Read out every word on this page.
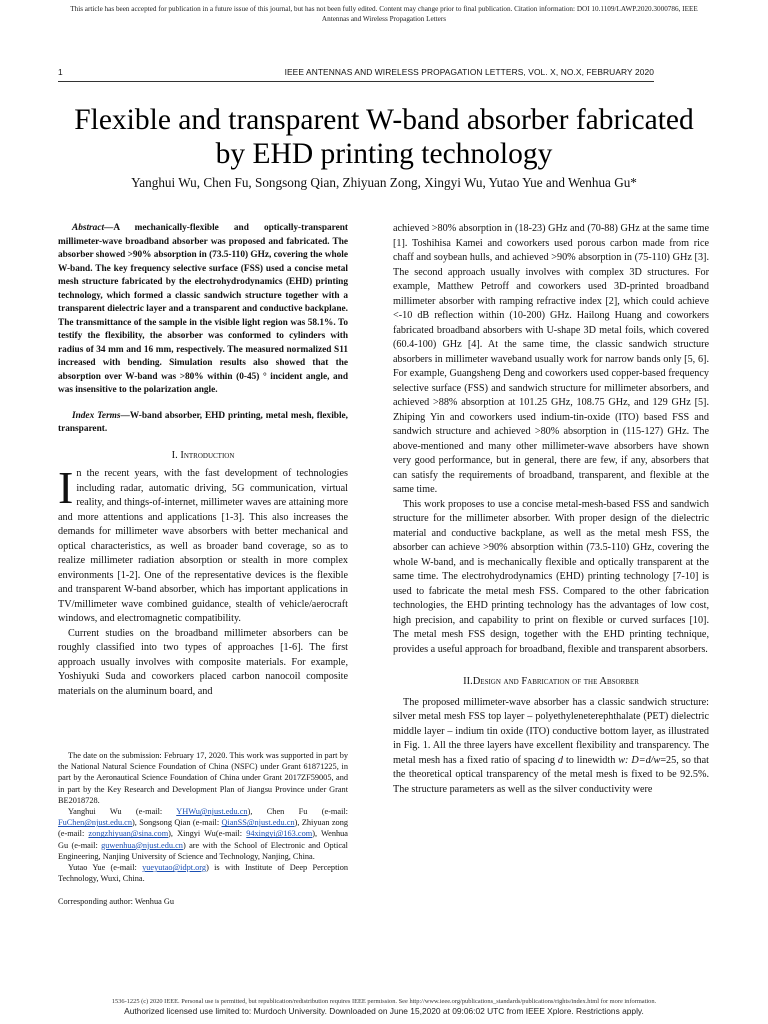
This article has been accepted for publication in a future issue of this journal, but has not been fully edited. Content may change prior to final publication. Citation information: DOI 10.1109/LAWP.2020.3000786, IEEE
Antennas and Wireless Propagation Letters
1	IEEE ANTENNAS AND WIRELESS PROPAGATION LETTERS, VOL. X, NO.X, FEBRUARY 2020
Flexible and transparent W-band absorber fabricated
by EHD printing technology
Yanghui Wu, Chen Fu, Songsong Qian, Zhiyuan Zong, Xingyi Wu, Yutao Yue and Wenhua Gu*

Abstract—A mechanically-flexible and optically-transparent millimeter-wave broadband absorber was proposed and fabricated. The absorber showed >90% absorption in (73.5-110) GHz, covering the whole W-band. The key frequency selective surface (FSS) used a concise metal mesh structure fabricated by the electrohydrodynamics (EHD) printing technology, which formed a classic sandwich structure together with a transparent dielectric layer and a transparent and conductive backplane. The transmittance of the sample in the visible light region was 58.1%. To testify the flexibility, the absorber was conformed to cylinders with radius of 34 mm and 16 mm, respectively. The measured normalized S11 increased with bending. Simulation results also showed that the absorption over W-band was >80% within (0-45) ° incident angle, and was insensitive to the polarization angle.

Index Terms—W-band absorber, EHD printing, metal mesh, flexible, transparent.

I. Introduction

In the recent years, with the fast development of technologies including radar, automatic driving, 5G communication, virtual reality, and things-of-internet, millimeter waves are attaining more and more attentions and applications [1-3]. This also increases the demands for millimeter wave absorbers with better mechanical and optical characteristics, as well as broader band coverage, so as to realize millimeter radiation absorption or stealth in more complex environments [1-2]. One of the representative devices is the flexible and transparent W-band absorber, which has important applications in TV/millimeter wave combined guidance, stealth of vehicle/aerocraft windows, and electromagnetic compatibility.

Current studies on the broadband millimeter absorbers can be roughly classified into two types of approaches [1-6]. The first approach usually involves with composite materials. For example, Yoshiyuki Suda and coworkers placed carbon nanocoil composite materials on the aluminum board, and

The date on the submission: February 17, 2020. This work was supported in part by the National Natural Science Foundation of China (NSFC) under Grant 61871225, in part by the Aeronautical Science Foundation of China under Grant 2017ZF59005, and in part by the Key Research and Development Plan of Jiangsu Province under Grant BE2018728.

Yanghui Wu (e-mail: YHWu@njust.edu.cn), Chen Fu (e-mail: FuChen@njust.edu.cn), Songsong Qian (e-mail: QianSS@njust.edu.cn), Zhiyuan zong (e-mail: zongzhiyuan@sina.com), Xingyi Wu(e-mail: 94xingyi@163.com), Wenhua Gu (e-mail: guwenhua@njust.edu.cn) are with the School of Electronic and Optical Engineering, Nanjing University of Science and Technology, Nanjing, China.

Yutao Yue (e-mail: yueyutao@idpt.org) is with Institute of Deep Perception Technology, Wuxi, China.

Corresponding author: Wenhua Gu

achieved >80% absorption in (18-23) GHz and (70-88) GHz at the same time [1]. Toshihisa Kamei and coworkers used porous carbon made from rice chaff and soybean hulls, and achieved >90% absorption in (75-110) GHz [3]. The second approach usually involves with complex 3D structures. For example, Matthew Petroff and coworkers used 3D-printed broadband millimeter absorber with ramping refractive index [2], which could achieve <-10 dB reflection within (10-200) GHz. Hailong Huang and coworkers fabricated broadband absorbers with U-shape 3D metal foils, which covered (60.4-100) GHz [4]. At the same time, the classic sandwich structure absorbers in millimeter waveband usually work for narrow bands only [5, 6]. For example, Guangsheng Deng and coworkers used copper-based frequency selective surface (FSS) and sandwich structure for millimeter absorbers, and achieved >88% absorption at 101.25 GHz, 108.75 GHz, and 129 GHz [5]. Zhiping Yin and coworkers used indium-tin-oxide (ITO) based FSS and sandwich structure and achieved >80% absorption in (115-127) GHz. The above-mentioned and many other millimeter-wave absorbers have shown very good performance, but in general, there are few, if any, absorbers that can satisfy the requirements of broadband, transparent, and flexible at the same time.

This work proposes to use a concise metal-mesh-based FSS and sandwich structure for the millimeter absorber. With proper design of the dielectric material and conductive backplane, as well as the metal mesh FSS, the absorber can achieve >90% absorption within (73.5-110) GHz, covering the whole W-band, and is mechanically flexible and optically transparent at the same time. The electrohydrodynamics (EHD) printing technology [7-10] is used to fabricate the metal mesh FSS. Compared to the other fabrication technologies, the EHD printing technology has the advantages of low cost, high precision, and capability to print on flexible or curved surfaces [10]. The metal mesh FSS design, together with the EHD printing technique, provides a useful approach for broadband, flexible and transparent absorbers.

II.Design and Fabrication of the Absorber

The proposed millimeter-wave absorber has a classic sandwich structure: silver metal mesh FSS top layer – polyethyleneterephthalate (PET) dielectric middle layer – indium tin oxide (ITO) conductive bottom layer, as illustrated in Fig. 1. All the three layers have excellent flexibility and transparency. The metal mesh has a fixed ratio of spacing d to linewidth w: D=d/w=25, so that the theoretical optical transparency of the metal mesh is fixed to be 92.5%. The structure parameters as well as the silver conductivity were

1536-1225 (c) 2020 IEEE. Personal use is permitted, but republication/redistribution requires IEEE permission. See http://www.ieee.org/publications_standards/publications/rights/index.html for more information.
Authorized licensed use limited to: Murdoch University. Downloaded on June 15,2020 at 09:06:02 UTC from IEEE Xplore. Restrictions apply.
